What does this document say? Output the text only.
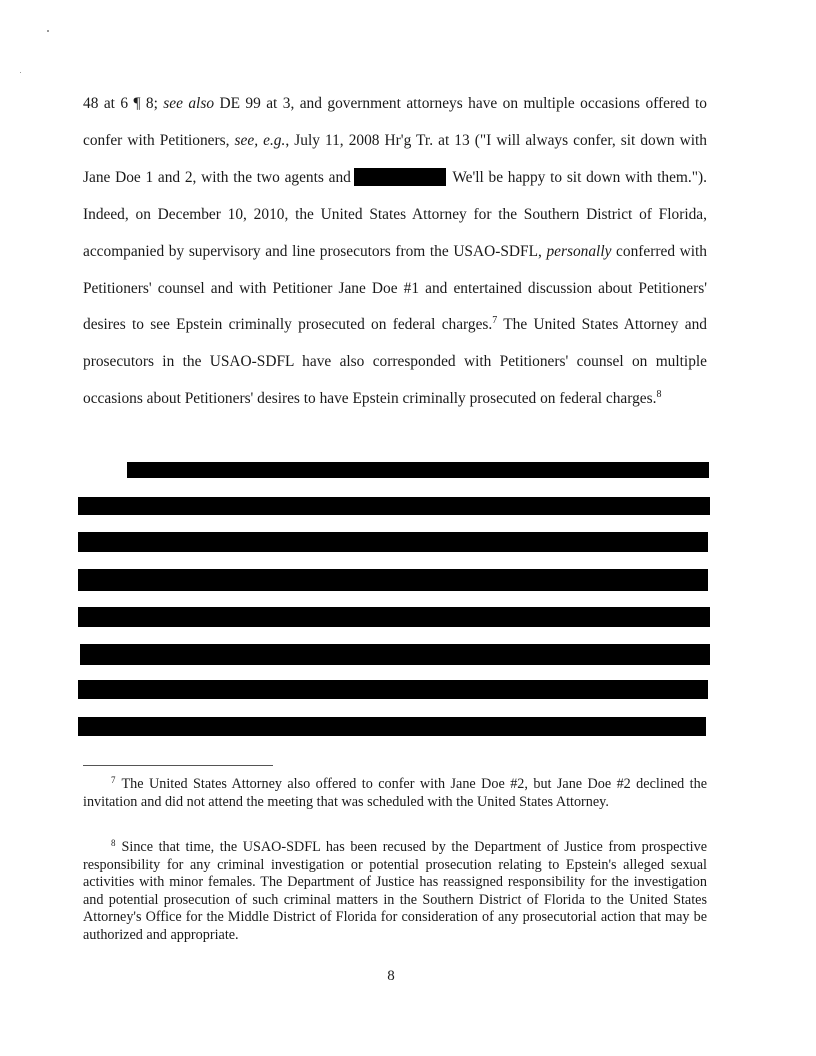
48 at 6 ¶ 8; see also DE 99 at 3, and government attorneys have on multiple occasions offered to confer with Petitioners, see, e.g., July 11, 2008 Hr'g Tr. at 13 ("I will always confer, sit down with Jane Doe 1 and 2, with the two agents and	We'll be happy to sit down with them."). Indeed, on December 10, 2010, the United States Attorney for the Southern District of Florida, accompanied by supervisory and line prosecutors from the USAO-SDFL, personally conferred with Petitioners' counsel and with Petitioner Jane Doe #1 and entertained discussion about Petitioners' desires to see Epstein criminally prosecuted on federal charges.$^7$ The United States Attorney and prosecutors in the USAO-SDFL have also corresponded with Petitioners' counsel on multiple occasions about Petitioners' desires to have Epstein criminally prosecuted on federal charges.$^8$

$^7$ The United States Attorney also offered to confer with Jane Doe #2, but Jane Doe #2 declined the invitation and did not attend the meeting that was scheduled with the United States Attorney.

$^8$ Since that time, the USAO-SDFL has been recused by the Department of Justice from prospective responsibility for any criminal investigation or potential prosecution relating to Epstein's alleged sexual activities with minor females. The Department of Justice has reassigned responsibility for the investigation and potential prosecution of such criminal matters in the Southern District of Florida to the United States Attorney's Office for the Middle District of Florida for consideration of any prosecutorial action that may be authorized and appropriate.

8
